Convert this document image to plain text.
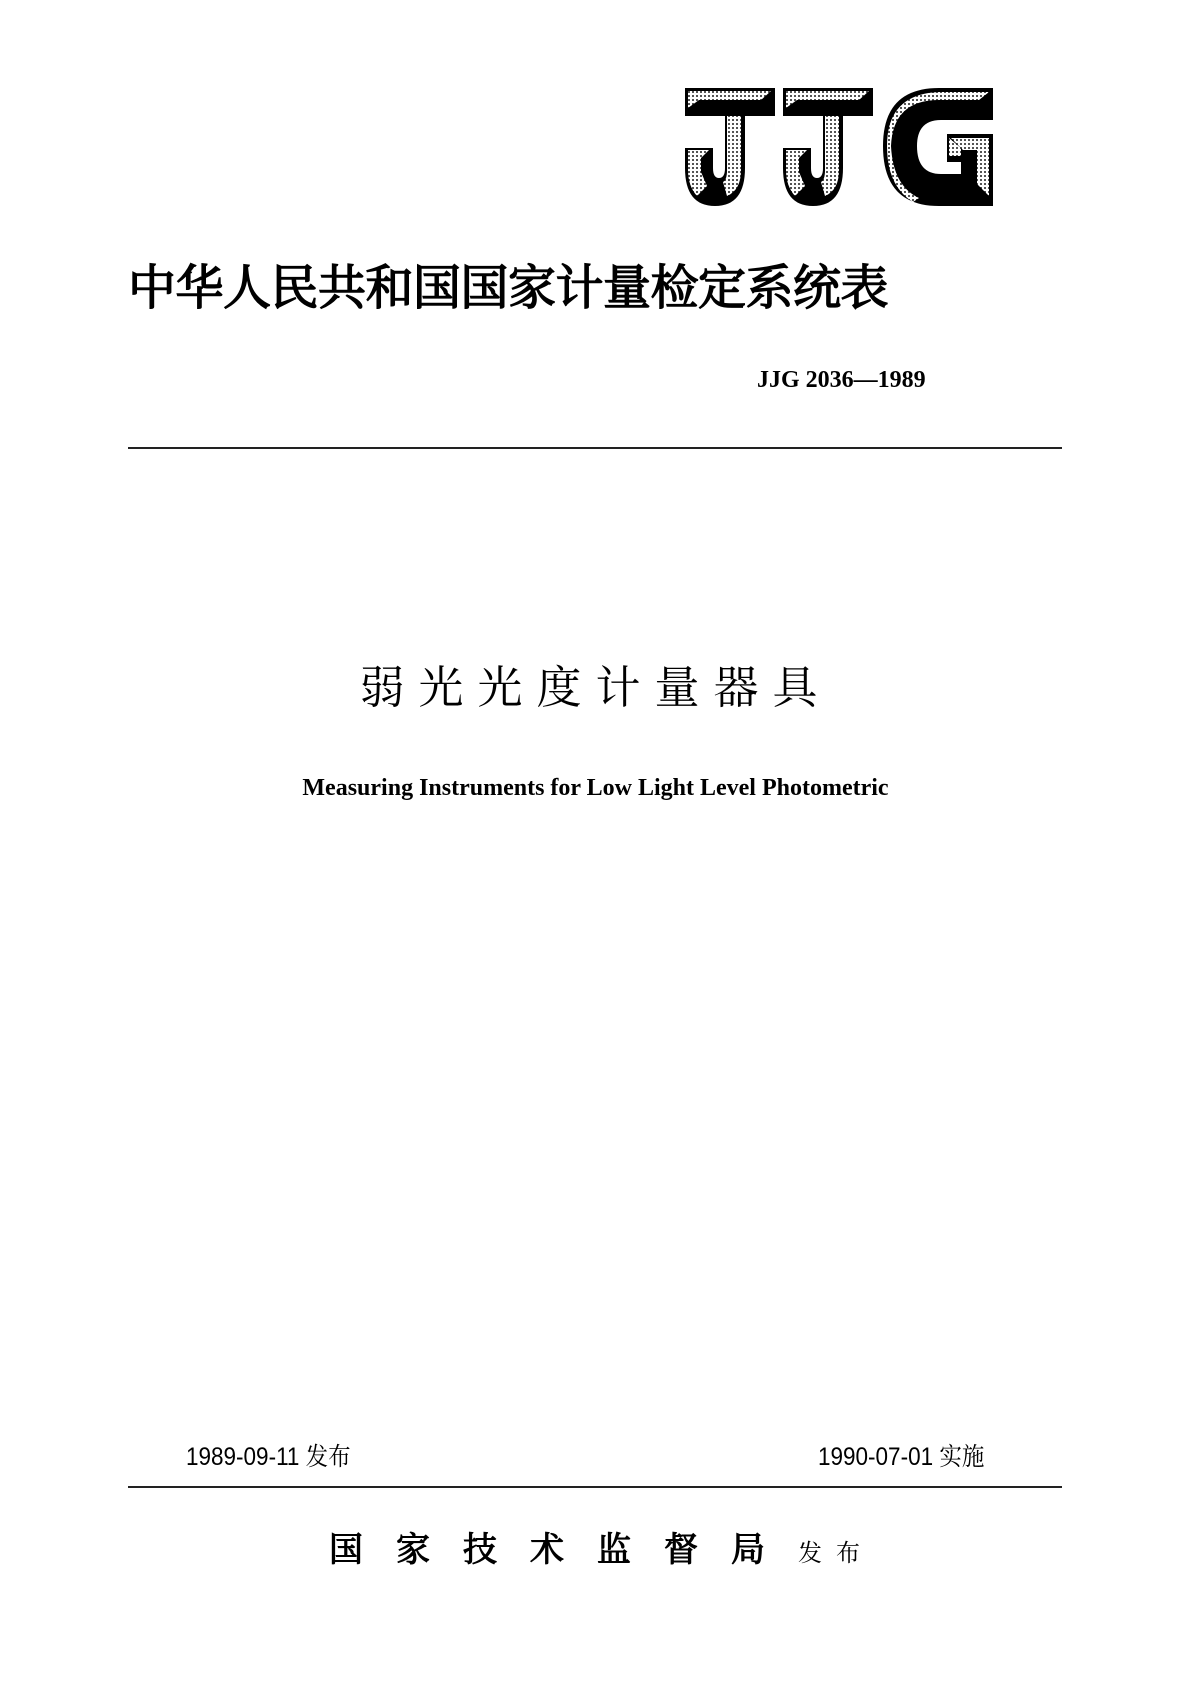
中华人民共和国国家计量检定系统表
JJG 2036—1989
弱光光度计量器具
Measuring Instruments for Low Light Level Photometric
1989-09-11 发布	1990-07-01 实施
国家技术监督局发布
